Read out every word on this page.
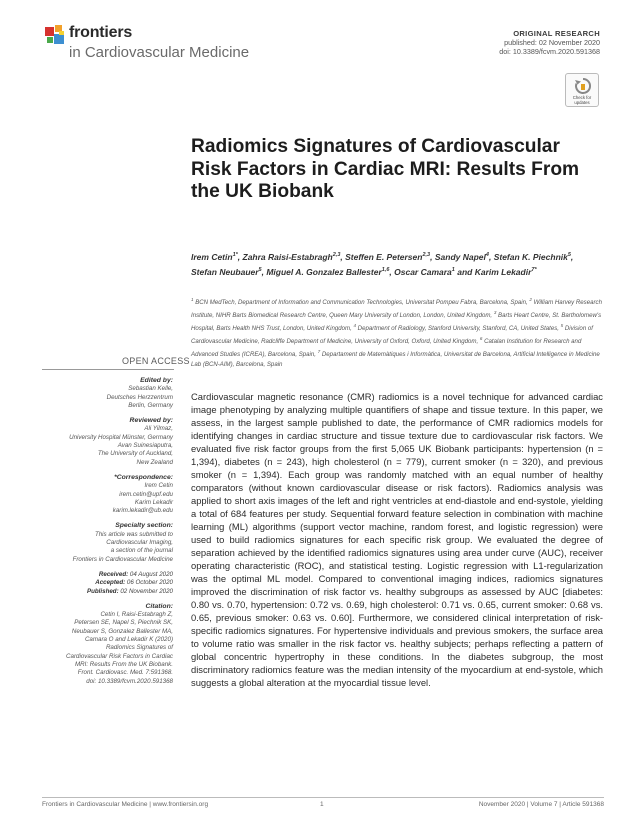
frontiers
in Cardiovascular Medicine
ORIGINAL RESEARCH
published: 02 November 2020
doi: 10.3389/fcvm.2020.591368
Check for
updates
Radiomics Signatures of Cardiovascular Risk Factors in Cardiac MRI: Results From the UK Biobank
Irem Cetin$^{1*}$, Zahra Raisi-Estabragh$^{2,3}$, Steffen E. Petersen$^{2,3}$, Sandy Napel$^4$, Stefan K. Piechnik$^5$, Stefan Neubauer$^5$, Miguel A. Gonzalez Ballester$^{1,6}$, Oscar Camara$^1$ and Karim Lekadir$^{7*}$
$^1$ BCN MedTech, Department of Information and Communication Technologies, Universitat Pompeu Fabra, Barcelona, Spain, $^2$ William Harvey Research Institute, NIHR Barts Biomedical Research Centre, Queen Mary University of London, London, United Kingdom, $^3$ Barts Heart Centre, St. Bartholomew's Hospital, Barts Health NHS Trust, London, United Kingdom, $^4$ Department of Radiology, Stanford University, Stanford, CA, United States, $^5$ Division of Cardiovascular Medicine, Radcliffe Department of Medicine, University of Oxford, Oxford, United Kingdom, $^6$ Catalan Institution for Research and Advanced Studies (ICREA), Barcelona, Spain, $^7$ Departament de Matemàtiques i Informàtica, Universitat de Barcelona, Artificial Intelligence in Medicine Lab (BCN-AIM), Barcelona, Spain
OPEN ACCESS
Edited by:
Sebastian Kelle,
Deutsches Herzzentrum
Berlin, Germany
Reviewed by:
Ali Yilmaz,
University Hospital Münster, Germany
Avan Suinesiaputra,
The University of Auckland,
New Zealand
*Correspondence:
Irem Cetin
irem.cetin@upf.edu
Karim Lekadir
karim.lekadir@ub.edu
Specialty section:
This article was submitted to
Cardiovascular Imaging,
a section of the journal
Frontiers in Cardiovascular Medicine
Received: 04 August 2020
Accepted: 06 October 2020
Published: 02 November 2020
Citation:
Cetin I, Raisi-Estabragh Z,
Petersen SE, Napel S, Piechnik SK,
Neubauer S, Gonzalez Ballester MA,
Camara O and Lekadir K (2020)
Radiomics Signatures of
Cardiovascular Risk Factors in Cardiac
MRI: Results From the UK Biobank.
Front. Cardiovasc. Med. 7:591368.
doi: 10.3389/fcvm.2020.591368

Cardiovascular magnetic resonance (CMR) radiomics is a novel technique for advanced cardiac image phenotyping by analyzing multiple quantifiers of shape and tissue texture. In this paper, we assess, in the largest sample published to date, the performance of CMR radiomics models for identifying changes in cardiac structure and tissue texture due to cardiovascular risk factors. We evaluated five risk factor groups from the first 5,065 UK Biobank participants: hypertension (n = 1,394), diabetes (n = 243), high cholesterol (n = 779), current smoker (n = 320), and previous smoker (n = 1,394). Each group was randomly matched with an equal number of healthy comparators (without known cardiovascular disease or risk factors). Radiomics analysis was applied to short axis images of the left and right ventricles at end-diastole and end-systole, yielding a total of 684 features per study. Sequential forward feature selection in combination with machine learning (ML) algorithms (support vector machine, random forest, and logistic regression) were used to build radiomics signatures for each specific risk group. We evaluated the degree of separation achieved by the identified radiomics signatures using area under curve (AUC), receiver operating characteristic (ROC), and statistical testing. Logistic regression with L1-regularization was the optimal ML model. Compared to conventional imaging indices, radiomics signatures improved the discrimination of risk factor vs. healthy subgroups as assessed by AUC [diabetes: 0.80 vs. 0.70, hypertension: 0.72 vs. 0.69, high cholesterol: 0.71 vs. 0.65, current smoker: 0.68 vs. 0.65, previous smoker: 0.63 vs. 0.60]. Furthermore, we considered clinical interpretation of risk-specific radiomics signatures. For hypertensive individuals and previous smokers, the surface area to volume ratio was smaller in the risk factor vs. healthy subjects; perhaps reflecting a pattern of global concentric hypertrophy in these conditions. In the diabetes subgroup, the most discriminatory radiomics feature was the median intensity of the myocardium at end-systole, which suggests a global alteration at the myocardial tissue level.

Frontiers in Cardiovascular Medicine | www.frontiersin.org	1	November 2020 | Volume 7 | Article 591368
